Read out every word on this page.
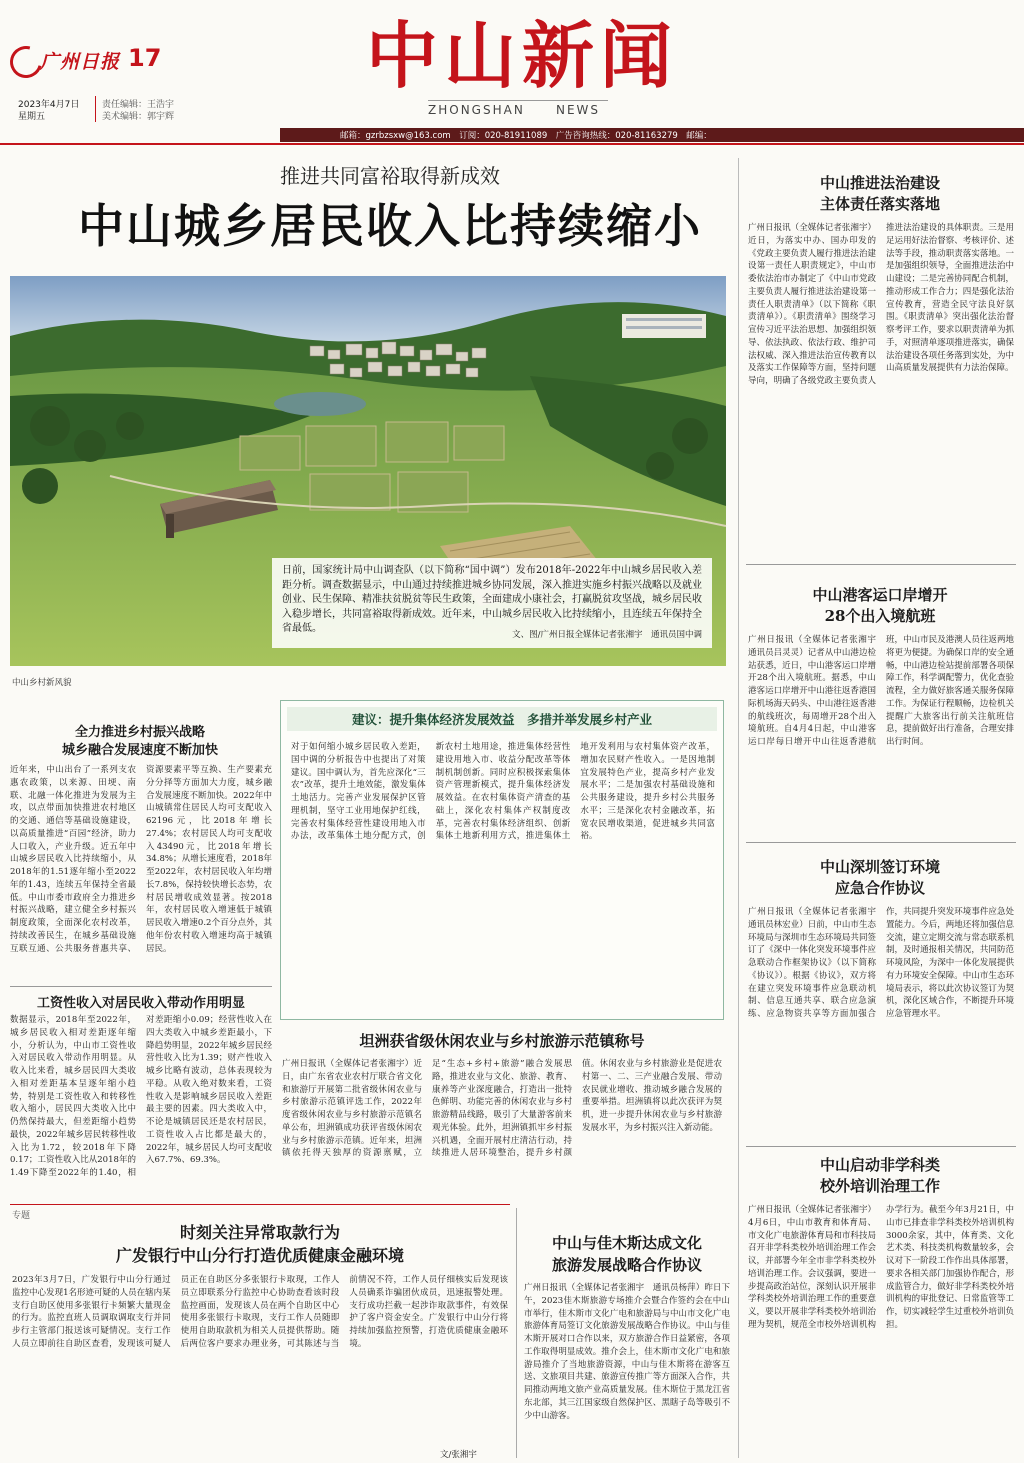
广州日报 17
2023年4月7日
星期五
责任编辑：王浩宇
美术编辑：郭宇辉
中山新闻
ZHONGSHAN	NEWS
邮箱：gzrbzsxw@163.com　订阅：020-81911089　广告咨询热线：020-81163279　邮编：
推进共同富裕取得新成效
中山城乡居民收入比持续缩小
日前，国家统计局中山调查队（以下简称“国中调”）发布2018年-2022年中山城乡居民收入差距分析。调查数据显示，中山通过持续推进城乡协同发展，深入推进实施乡村振兴战略以及就业创业、民生保障、精准扶贫脱贫等民生政策，全面建成小康社会，打赢脱贫攻坚战，城乡居民收入稳步增长，共同富裕取得新成效。近年来，中山城乡居民收入比持续缩小，且连续五年保持全省最低。
文、图/广州日报全媒体记者张湘宇　通讯员国中调
中山乡村新风貌
全力推进乡村振兴战略
城乡融合发展速度不断加快
近年来，中山出台了一系列支农惠农政策，以来源、田埂、南联、北融一体化推进为发展为主攻，以点带面加快推进农村地区的交通、通信等基础设施建设，以高质量推进“百园”经济，助力人口收入，产业升级。近五年中山城乡居民收入比持续缩小，从2018年的1.51逐年缩小至2022年的1.43，连续五年保持全省最低。中山市委市政府全力推进乡村振兴战略，建立健全乡村振兴制度政策，全面深化农村改革，持续改善民生，在城乡基础设施互联互通、公共服务普惠共享、资源要素平等互换、生产要素充分分择等方面加大力度，城乡融合发展速度不断加快。2022年中山城镇常住居民人均可支配收入62196元，比2018年增长27.4%；农村居民人均可支配收入43490元，比2018年增长34.8%；从增长速度看，2018年至2022年，农村居民收入年均增长7.8%，保持较快增长态势，农村居民增收成效显著。按2018年，农村居民收入增速低于城镇居民收入增速0.2个百分点外，其他年份农村收入增速均高于城镇居民。
工资性收入对居民收入带动作用明显
数据显示，2018年至2022年，城乡居民收入相对差距逐年缩小，分析认为，中山市工资性收入对居民收入带动作用明显。从收入比来看，城乡居民四大类收入相对差距基本呈逐年缩小趋势，特别是工资性收入和转移性收入缩小，居民四大类收入比中仍然保持最大，但差距缩小趋势最快，2022年城乡居民转移性收入比为1.72，较2018年下降0.17；工资性收入比从2018年的1.49下降至2022年的1.40，相对差距缩小0.09；经营性收入在四大类收入中城乡差距最小，下降趋势明显，2022年城乡居民经营性收入比为1.39；财产性收入城乡比略有波动，总体表现较为平稳。从收入绝对数来看，工资性收入是影响城乡居民收入差距最主要的因素。四大类收入中，不论是城镇居民还是农村居民，工资性收入占比都是最大的，2022年，城乡居民人均可支配收入67.7%、69.3%。
建议：提升集体经济发展效益　多措并举发展乡村产业
对于如何缩小城乡居民收入差距，国中调的分析报告中也提出了对策建议。国中调认为，首先应深化“三农”改革，提升土地效能，激发集体土地活力。完善产业发展保护区管理机制，坚守工业用地保护红线，完善农村集体经营性建设用地入市办法，改革集体土地分配方式，创新农村土地用途，推进集体经营性建设用地入市、收益分配改革等体制机制创新。同时应积极探索集体资产管理新模式，提升集体经济发展效益。在农村集体资产清查的基础上，深化农村集体产权制度改革，完善农村集体经济组织、创新集体土地新利用方式，推进集体土地开发利用与农村集体资产改革，增加农民财产性收入。一是因地制宜发展特色产业，提高乡村产业发展水平；二是加强农村基础设施和公共服务建设，提升乡村公共服务水平；三是深化农村金融改革，拓宽农民增收渠道，促进城乡共同富裕。
坦洲获省级休闲农业与乡村旅游示范镇称号
广州日报讯（全媒体记者张湘宇）近日，由广东省农业农村厅联合省文化和旅游厅开展第二批省级休闲农业与乡村旅游示范镇评选工作，2022年度省级休闲农业与乡村旅游示范镇名单公布，坦洲镇成功获评省级休闲农业与乡村旅游示范镇。近年来，坦洲镇依托得天独厚的资源禀赋，立足“生态+乡村+旅游”融合发展思路，推进农业与文化、旅游、教育、康养等产业深度融合，打造出一批特色鲜明、功能完善的休闲农业与乡村旅游精品线路，吸引了大量游客前来观光体验。此外，坦洲镇抓牢乡村振兴机遇，全面开展村庄清洁行动，持续推进人居环境整治，提升乡村颜值。休闲农业与乡村旅游业是促进农村第一、二、三产业融合发展、带动农民就业增收、推动城乡融合发展的重要举措。坦洲镇将以此次获评为契机，进一步提升休闲农业与乡村旅游发展水平，为乡村振兴注入新动能。
专题
时刻关注异常取款行为
广发银行中山分行打造优质健康金融环境
2023年3月7日，广发银行中山分行通过监控中心发现1名形迹可疑的人员在辖内某支行自助区使用多张银行卡频繁大量现金的行为。监控直班人员调取调取支行并同步行主管部门报送该可疑情况。支行工作人员立即前往自助区查看，发现该可疑人员正在自助区分多张银行卡取现，工作人员立即联系分行监控中心协助查看该时段监控画面，发现该人员在两个自助区中心使用多张银行卡取现，支行工作人员随即使用自助取款机为相关人员提供帮助。随后两位客户要求办理业务，可其陈述与当前情况不符，工作人员仔细核实后发现该人员确系诈骗团伙成员，迅速报警处理。支行成功拦截一起涉诈取款事件，有效保护了客户资金安全。广发银行中山分行将持续加强监控预警，打造优质健康金融环境。
文/张湘宇
中山与佳木斯达成文化
旅游发展战略合作协议
广州日报讯（全媒体记者张湘宇　通讯员杨萍）昨日下午，2023佳木斯旅游专场推介会暨合作签约会在中山市举行，佳木斯市文化广电和旅游局与中山市文化广电旅游体育局签订文化旅游发展战略合作协议。中山与佳木斯开展对口合作以来，双方旅游合作日益紧密，各项工作取得明显成效。推介会上，佳木斯市文化广电和旅游局推介了当地旅游资源，中山与佳木斯将在游客互送、文旅项目共建、旅游宣传推广等方面深入合作，共同推动两地文旅产业高质量发展。佳木斯位于黑龙江省东北部，其三江国家级自然保护区、黑瞎子岛等吸引不少中山游客。
中山推进法治建设
主体责任落实落地
广州日报讯（全媒体记者张湘宇）近日，为落实中办、国办印发的《党政主要负责人履行推进法治建设第一责任人职责规定》，中山市委依法治市办制定了《中山市党政主要负责人履行推进法治建设第一责任人职责清单》（以下简称《职责清单》）。《职责清单》围绕学习宣传习近平法治思想、加强组织领导、依法执政、依法行政、维护司法权威、深入推进法治宣传教育以及落实工作保障等方面，坚持问题导向，明确了各级党政主要负责人推进法治建设的具体职责。三是用足运用好法治督察、考核评价、述法等手段，推动职责落实落地。一是加强组织领导，全面推进法治中山建设；二是完善协同配合机制，推动形成工作合力；四是强化法治宣传教育，营造全民守法良好氛围。《职责清单》突出强化法治督察考评工作，要求以职责清单为抓手，对照清单逐项推进落实，确保法治建设各项任务落到实处，为中山高质量发展提供有力法治保障。
中山港客运口岸增开
28个出入境航班
广州日报讯（全媒体记者张湘宇　通讯员吕灵灵）记者从中山港边检站获悉，近日，中山港客运口岸增开28个出入境航班。据悉，中山港客运口岸增开中山港往返香港国际机场海天码头、中山港往返香港的航线班次，每周增开28个出入境航班。自4月4日起，中山港客运口岸每日增开中山往返香港航班，中山市民及港澳人员往返两地将更为便捷。为确保口岸的安全通畅，中山港边检站提前部署各项保障工作，科学调配警力，优化查验流程，全力做好旅客通关服务保障工作。为保证行程顺畅，边检机关提醒广大旅客出行前关注航班信息，提前做好出行准备，合理安排出行时间。
中山深圳签订环境
应急合作协议
广州日报讯（全媒体记者张湘宇　通讯员林宏业）日前，中山市生态环境局与深圳市生态环境局共同签订了《深中一体化突发环境事件应急联动合作框架协议》（以下简称《协议》）。根据《协议》，双方将在建立突发环境事件应急联动机制、信息互通共享、联合应急演练、应急物资共享等方面加强合作，共同提升突发环境事件应急处置能力。今后，两地还将加强信息交流，建立定期交流与常态联系机制，及时通报相关情况，共同防范环境风险，为深中一体化发展提供有力环境安全保障。中山市生态环境局表示，将以此次协议签订为契机，深化区域合作，不断提升环境应急管理水平。
中山启动非学科类
校外培训治理工作
广州日报讯（全媒体记者张湘宇）4月6日，中山市教育和体育局、市文化广电旅游体育局和市科技局召开非学科类校外培训治理工作会议，并部署今年全市非学科类校外培训治理工作。会议强调，要进一步提高政治站位，深刻认识开展非学科类校外培训治理工作的重要意义，要以开展非学科类校外培训治理为契机，规范全市校外培训机构办学行为。截至今年3月21日，中山市已排查非学科类校外培训机构3000余家，其中，体育类、文化艺术类、科技类机构数量较多，会议对下一阶段工作作出具体部署，要求各相关部门加强协作配合，形成监管合力，做好非学科类校外培训机构的审批登记、日常监管等工作，切实减轻学生过重校外培训负担。
